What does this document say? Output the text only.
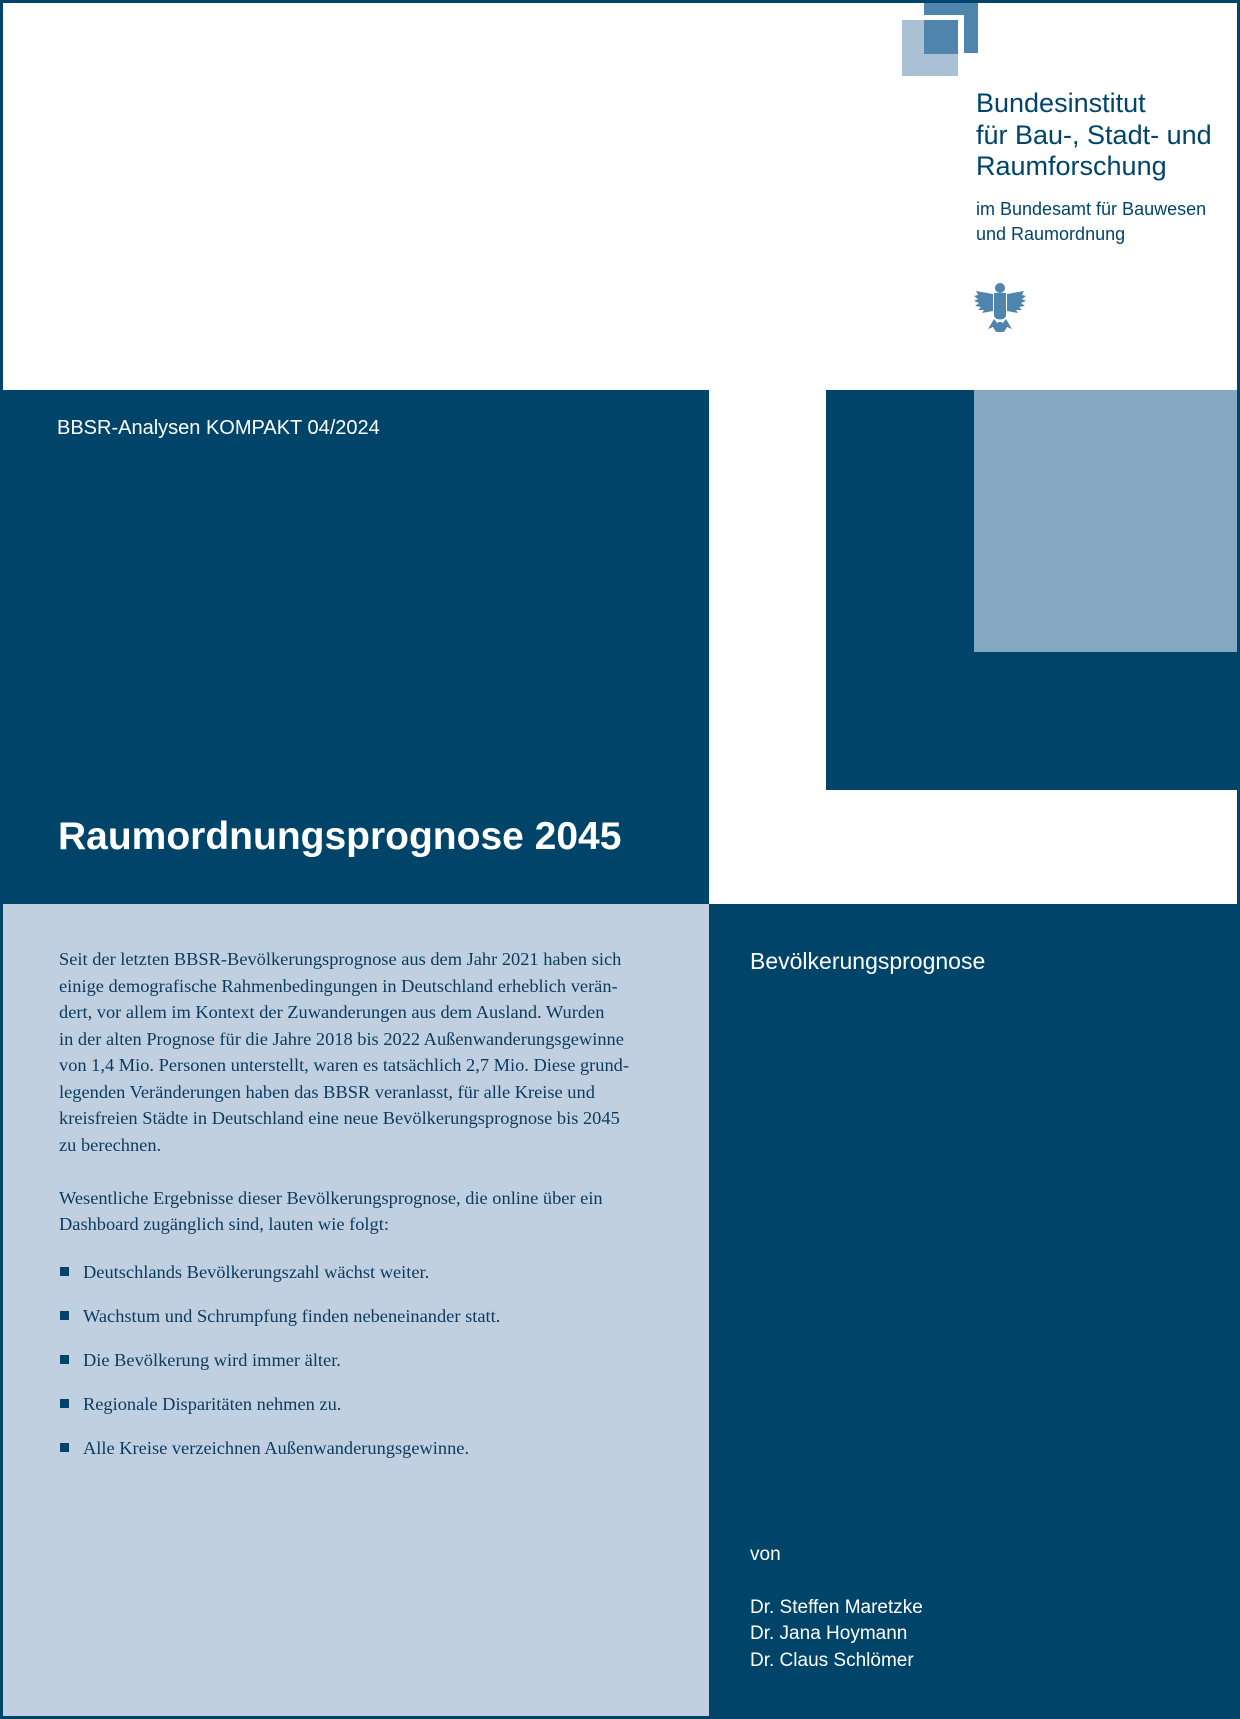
Bundesinstitut
für Bau-, Stadt- und
Raumforschung
im Bundesamt für Bauwesen
und Raumordnung
BBSR-Analysen KOMPAKT 04/2024
Raumordnungsprognose 2045
Bevölkerungsprognose
Seit der letzten BBSR-Bevölkerungsprognose aus dem Jahr 2021 haben sich
einige demografische Rahmenbedingungen in Deutschland erheblich verän-
dert, vor allem im Kontext der Zuwanderungen aus dem Ausland. Wurden
in der alten Prognose für die Jahre 2018 bis 2022 Außenwanderungsgewinne
von 1,4 Mio. Personen unterstellt, waren es tatsächlich 2,7 Mio. Diese grund-
legenden Veränderungen haben das BBSR veranlasst, für alle Kreise und
kreisfreien Städte in Deutschland eine neue Bevölkerungsprognose bis 2045
zu berechnen.
Wesentliche Ergebnisse dieser Bevölkerungsprognose, die online über ein
Dashboard zugänglich sind, lauten wie folgt:
Deutschlands Bevölkerungszahl wächst weiter.
Wachstum und Schrumpfung finden nebeneinander statt.
Die Bevölkerung wird immer älter.
Regionale Disparitäten nehmen zu.
Alle Kreise verzeichnen Außenwanderungsgewinne.
von
Dr. Steffen Maretzke
Dr. Jana Hoymann
Dr. Claus Schlömer
